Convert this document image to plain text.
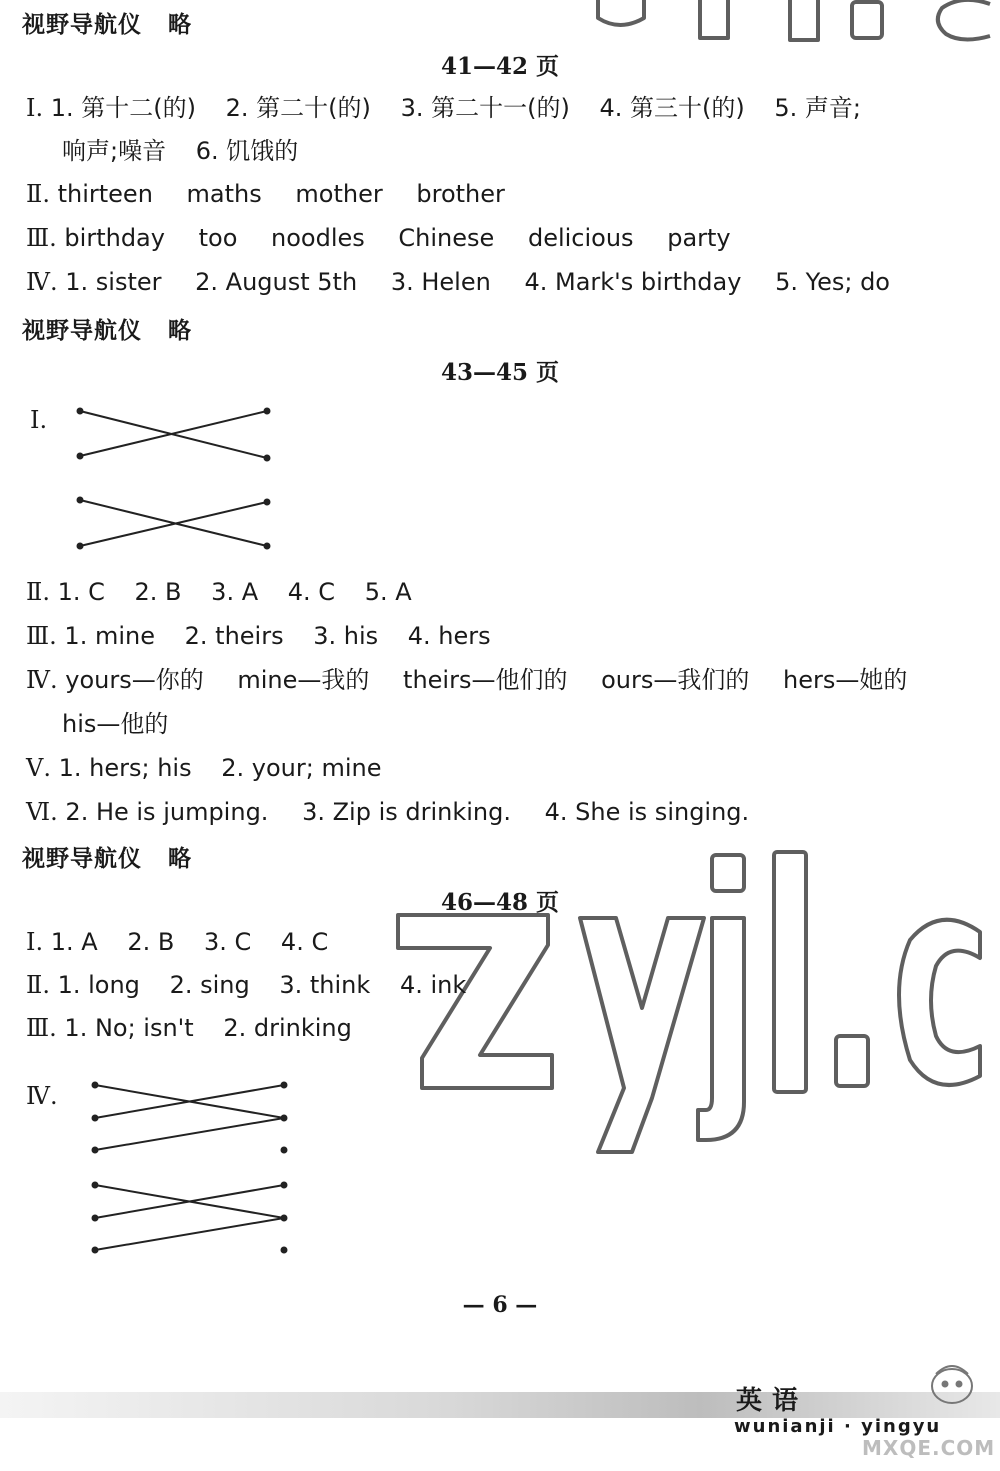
视野导航仪 略
41—42 页
Ⅰ. 1. 第十二(的) 2. 第二十(的) 3. 第二十一(的) 4. 第三十(的) 5. 声音;
响声;噪音 6. 饥饿的
Ⅱ. thirteen maths mother brother
Ⅲ. birthday too noodles Chinese delicious party
Ⅳ. 1. sister 2. August 5th 3. Helen 4. Mark's birthday 5. Yes; do
视野导航仪 略
43—45 页
Ⅰ.
Ⅱ. 1. C 2. B 3. A 4. C 5. A
Ⅲ. 1. mine 2. theirs 3. his 4. hers
Ⅳ. yours—你的 mine—我的 theirs—他们的 ours—我们的 hers—她的
his—他的
Ⅴ. 1. hers; his 2. your; mine
Ⅵ. 2. He is jumping. 3. Zip is drinking. 4. She is singing.
视野导航仪 略
46—48 页
Ⅰ. 1. A 2. B 3. C 4. C
Ⅱ. 1. long 2. sing 3. think 4. ink
Ⅲ. 1. No; isn't 2. drinking
Ⅳ.
— 6 —
英语
wunianji · yingyu
MXQE.COM
